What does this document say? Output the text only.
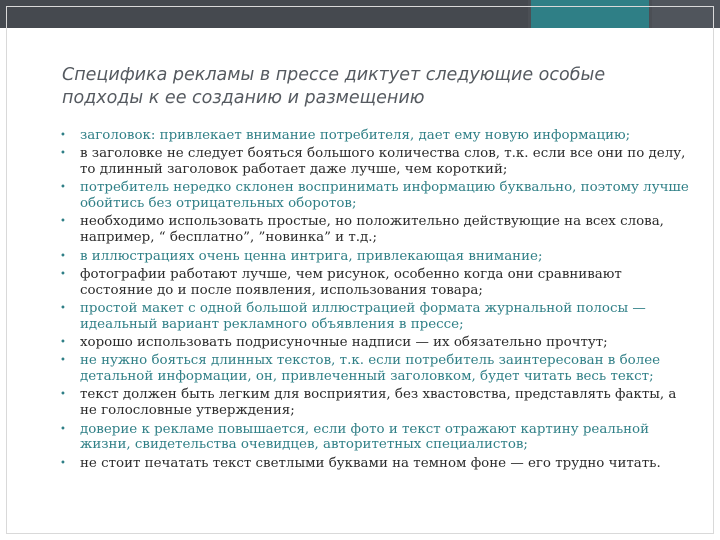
Специфика рекламы в прессе диктует следующие особые
подходы к ее созданию и размещению
• заголовок: привлекает внимание потребителя, дает ему новую информацию;
• в заголовке не следует бояться большого количества слов, т.к. если все они по делу, то длинный заголовок работает даже лучше, чем короткий;
• потребитель нередко склонен воспринимать информацию буквально, поэтому лучше обойтись без отрицательных оборотов;
• необходимо использовать простые, но положительно действующие на всех слова, например, “ бесплатно”, ”новинка” и т.д.;
• в иллюстрациях очень ценна интрига, привлекающая внимание;
• фотографии работают лучше, чем рисунок, особенно когда они сравнивают состояние до и после появления, использования товара;
• простой макет с одной большой иллюстрацией формата журнальной полосы — идеальный вариант рекламного объявления в прессе;
• хорошо использовать подрисуночные надписи — их обязательно прочтут;
• не нужно бояться длинных текстов, т.к. если потребитель заинтересован в более детальной информации, он, привлеченный заголовком, будет читать весь текст;
• текст должен быть легким для восприятия, без хвастовства, представлять факты, а не голословные утверждения;
• доверие к рекламе повышается, если фото и текст отражают картину реальной жизни, свидетельства очевидцев, авторитетных специалистов;
• не стоит печатать текст светлыми буквами на темном фоне — его трудно читать.
